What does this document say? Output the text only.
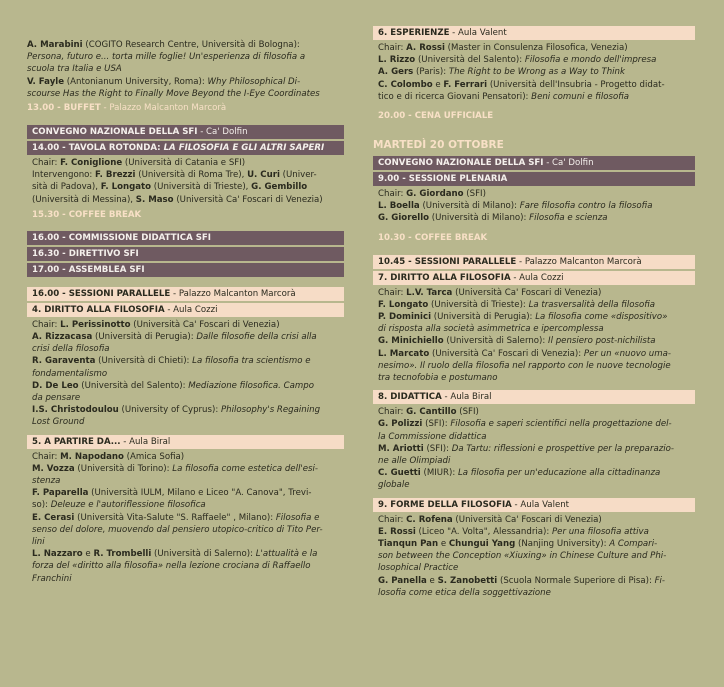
A. Marabini (COGITO Research Centre, Università di Bologna):

Persona, futuro e... torta mille foglie! Un'esperienza di filosofia a

scuola tra Italia e USA

V. Fayle (Antonianum University, Roma): Why Philosophical Di-

scourse Has the Right to Finally Move Beyond the I-Eye Coordinates

13.00 - BUFFET - Palazzo Malcanton Marcorà

CONVEGNO NAZIONALE DELLA SFI - Ca' Dolfin
14.00 - TAVOLA ROTONDA: LA FILOSOFIA E GLI ALTRI SAPERI

Chair: F. Coniglione (Università di Catania e SFI)

Intervengono: F. Brezzi (Università di Roma Tre), U. Curi (Univer-

sità di Padova), F. Longato (Università di Trieste), G. Gembillo

(Università di Messina), S. Maso (Università Ca' Foscari di Venezia)

15.30 - COFFEE BREAK

16.00 - COMMISSIONE DIDATTICA SFI
16.30 - DIRETTIVO SFI
17.00 - ASSEMBLEA SFI
16.00 - SESSIONI PARALLELE - Palazzo Malcanton Marcorà
4. DIRITTO ALLA FILOSOFIA - Aula Cozzi

Chair: L. Perissinotto (Università Ca' Foscari di Venezia)

A. Rizzacasa (Università di Perugia): Dalle filosofie della crisi alla

crisi della filosofia

R. Garaventa (Università di Chieti): La filosofia tra scientismo e

fondamentalismo

D. De Leo (Università del Salento): Mediazione filosofica. Campo

da pensare

I.S. Christodoulou (University of Cyprus): Philosophy's Regaining

Lost Ground

5. A PARTIRE DA... - Aula Biral

Chair: M. Napodano (Amica Sofia)

M. Vozza (Università di Torino): La filosofia come estetica dell'esi-

stenza

F. Paparella (Università IULM, Milano e Liceo "A. Canova", Trevi-

so): Deleuze e l'autoriflessione filosofica

E. Cerasi (Università Vita-Salute "S. Raffaele" , Milano): Filosofia e

senso del dolore, muovendo dal pensiero utopico-critico di Tito Per-

lini

L. Nazzaro e R. Trombelli (Università di Salerno): L'attualità e la

forza del «diritto alla filosofia» nella lezione crociana di Raffaello

Franchini

6. ESPERIENZE - Aula Valent

Chair: A. Rossi (Master in Consulenza Filosofica, Venezia)

L. Rizzo (Università del Salento): Filosofia e mondo dell'impresa

A. Gers (Paris): The Right to be Wrong as a Way to Think

C. Colombo e F. Ferrari (Università dell'Insubria - Progetto didat-

tico e di ricerca Giovani Pensatori): Beni comuni e filosofia

20.00 - CENA UFFICIALE

MARTEDÌ 20 OTTOBRE

CONVEGNO NAZIONALE DELLA SFI - Ca' Dolfin
9.00 - SESSIONE PLENARIA

Chair: G. Giordano (SFI)

L. Boella (Università di Milano): Fare filosofia contro la filosofia

G. Giorello (Università di Milano): Filosofia e scienza

10.30 - COFFEE BREAK

10.45 - SESSIONI PARALLELE - Palazzo Malcanton Marcorà
7. DIRITTO ALLA FILOSOFIA - Aula Cozzi

Chair: L.V. Tarca (Università Ca' Foscari di Venezia)

F. Longato (Università di Trieste): La trasversalità della filosofia

P. Dominici (Università di Perugia): La filosofia come «dispositivo»

di risposta alla società asimmetrica e ipercomplessa

G. Minichiello (Università di Salerno): Il pensiero post-nichilista

L. Marcato (Università Ca' Foscari di Venezia): Per un «nuovo uma-

nesimo». Il ruolo della filosofia nel rapporto con le nuove tecnologie

tra tecnofobia e postumano

8. DIDATTICA - Aula Biral

Chair: G. Cantillo (SFI)

G. Polizzi (SFI): Filosofia e saperi scientifici nella progettazione del-

la Commissione didattica

M. Ariotti (SFI): Da Tartu: riflessioni e prospettive per la preparazio-

ne alle Olimpiadi

C. Guetti (MIUR): La filosofia per un'educazione alla cittadinanza

globale

9. FORME DELLA FILOSOFIA - Aula Valent

Chair: C. Rofena (Università Ca' Foscari di Venezia)

E. Rossi (Liceo "A. Volta", Alessandria): Per una filosofia attiva

Tianqun Pan e Chungui Yang (Nanjing University): A Compari-

son between the Conception «Xiuxing» in Chinese Culture and Phi-

losophical Practice

G. Panella e S. Zanobetti (Scuola Normale Superiore di Pisa): Fi-

losofia come etica della soggettivazione
